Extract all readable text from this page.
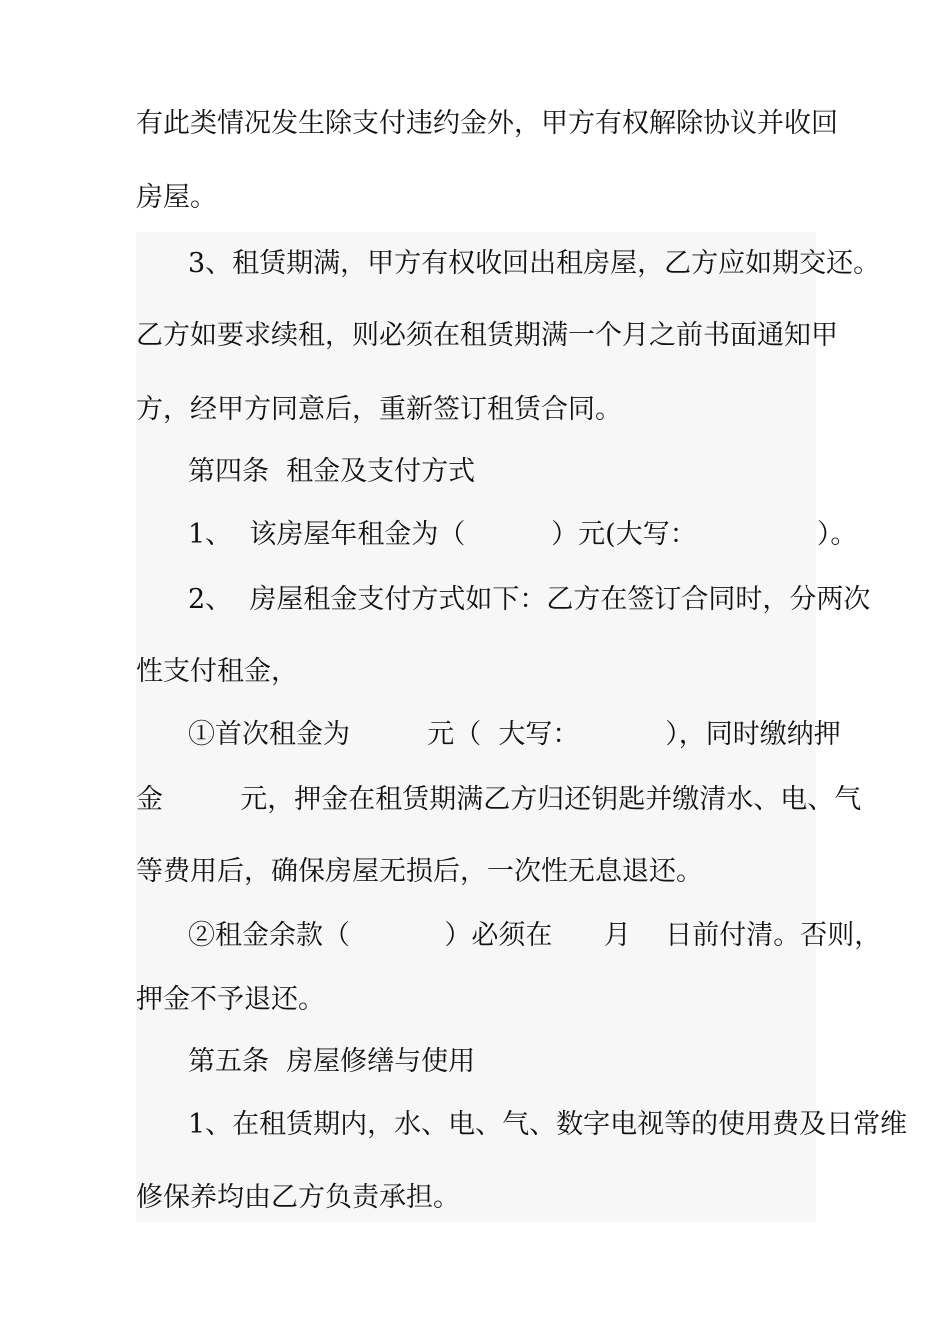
有此类情况发生除支付违约金外，甲方有权解除协议并收回
房屋。
3、租赁期满，甲方有权收回出租房屋，乙方应如期交还。
乙方如要求续租，则必须在租赁期满一个月之前书面通知甲
方，经甲方同意后，重新签订租赁合同。
第四条  租金及支付方式
1、  该房屋年租金为（          ）元(大写：              ）。
2、  房屋租金支付方式如下：乙方在签订合同时，分两次
性支付租金，
①首次租金为         元（  大写：          ），同时缴纳押
金         元，押金在租赁期满乙方归还钥匙并缴清水、电、气
等费用后，确保房屋无损后，一次性无息退还。
②租金余款（           ）必须在      月    日前付清。否则，
押金不予退还。
第五条  房屋修缮与使用
1、在租赁期内，水、电、气、数字电视等的使用费及日常维
修保养均由乙方负责承担。
